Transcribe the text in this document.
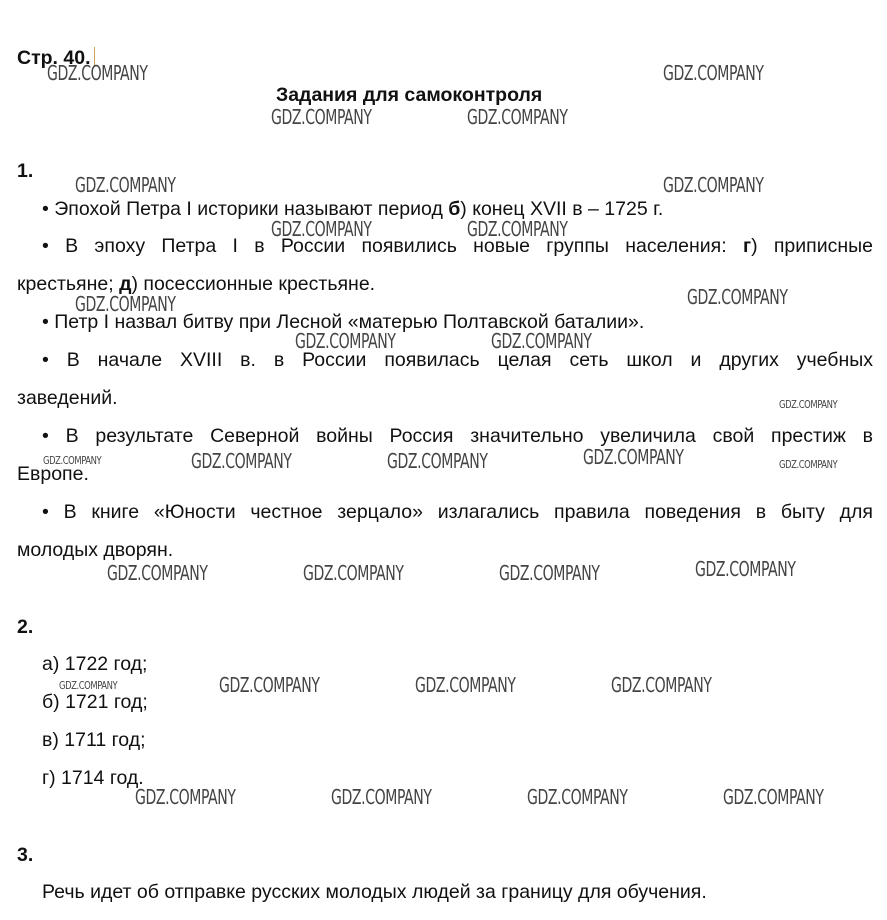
Стр. 40.
Задания для самоконтроля
1.
• Эпохой Петра I историки называют период б) конец XVII в – 1725 г.
• В эпоху Петра I в России появились новые группы населения: г) приписные
крестьяне; д) посессионные крестьяне.
• Петр I назвал битву при Лесной «матерью Полтавской баталии».
• В начале XVIII в. в России появилась целая сеть школ и других учебных
заведений.
• В результате Северной войны Россия значительно увеличила свой престиж в
Европе.
• В книге «Юности честное зерцало» излагались правила поведения в быту для
молодых дворян.
2.
а) 1722 год;
б) 1721 год;
в) 1711 год;
г) 1714 год.
3.
Речь идет об отправке русских молодых людей за границу для обучения.
GDZ.COMPANY	GDZ.COMPANY
GDZ.COMPANY	GDZ.COMPANY
GDZ.COMPANY	GDZ.COMPANY
GDZ.COMPANY	GDZ.COMPANY
GDZ.COMPANY	GDZ.COMPANY
GDZ.COMPANY	GDZ.COMPANY
GDZ.COMPANY
GDZ.COMPANY	GDZ.COMPANY	GDZ.COMPANY	GDZ.COMPANY	GDZ.COMPANY
GDZ.COMPANY	GDZ.COMPANY	GDZ.COMPANY	GDZ.COMPANY
GDZ.COMPANY	GDZ.COMPANY	GDZ.COMPANY	GDZ.COMPANY
GDZ.COMPANY	GDZ.COMPANY	GDZ.COMPANY	GDZ.COMPANY
